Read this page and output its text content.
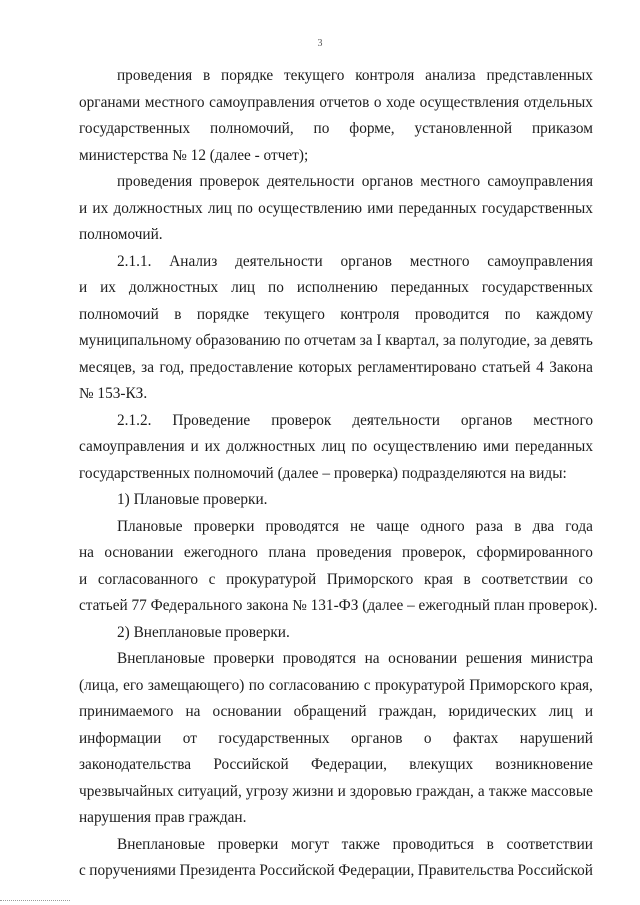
3
проведения в порядке текущего контроля анализа представленных
органами местного самоуправления отчетов о ходе осуществления отдельных
государственных полномочий, по форме, установленной приказом
министерства № 12 (далее - отчет);
проведения проверок деятельности органов местного самоуправления
и их должностных лиц по осуществлению ими переданных государственных
полномочий.
2.1.1. Анализ деятельности органов местного самоуправления
и их должностных лиц по исполнению переданных государственных
полномочий в порядке текущего контроля проводится по каждому
муниципальному образованию по отчетам за I квартал, за полугодие, за девять
месяцев, за год, предоставление которых регламентировано статьей 4 Закона
№ 153-КЗ.
2.1.2. Проведение проверок деятельности органов местного
самоуправления и их должностных лиц по осуществлению ими переданных
государственных полномочий (далее – проверка) подразделяются на виды:
1) Плановые проверки.
Плановые проверки проводятся не чаще одного раза в два года
на основании ежегодного плана проведения проверок, сформированного
и согласованного с прокуратурой Приморского края в соответствии со
статьей 77 Федерального закона № 131-ФЗ (далее – ежегодный план проверок).
2) Внеплановые проверки.
Внеплановые проверки проводятся на основании решения министра
(лица, его замещающего) по согласованию с прокуратурой Приморского края,
принимаемого на основании обращений граждан, юридических лиц и
информации от государственных органов о фактах нарушений
законодательства Российской Федерации, влекущих возникновение
чрезвычайных ситуаций, угрозу жизни и здоровью граждан, а также массовые
нарушения прав граждан.
Внеплановые проверки могут также проводиться в соответствии
с поручениями Президента Российской Федерации, Правительства Российской
